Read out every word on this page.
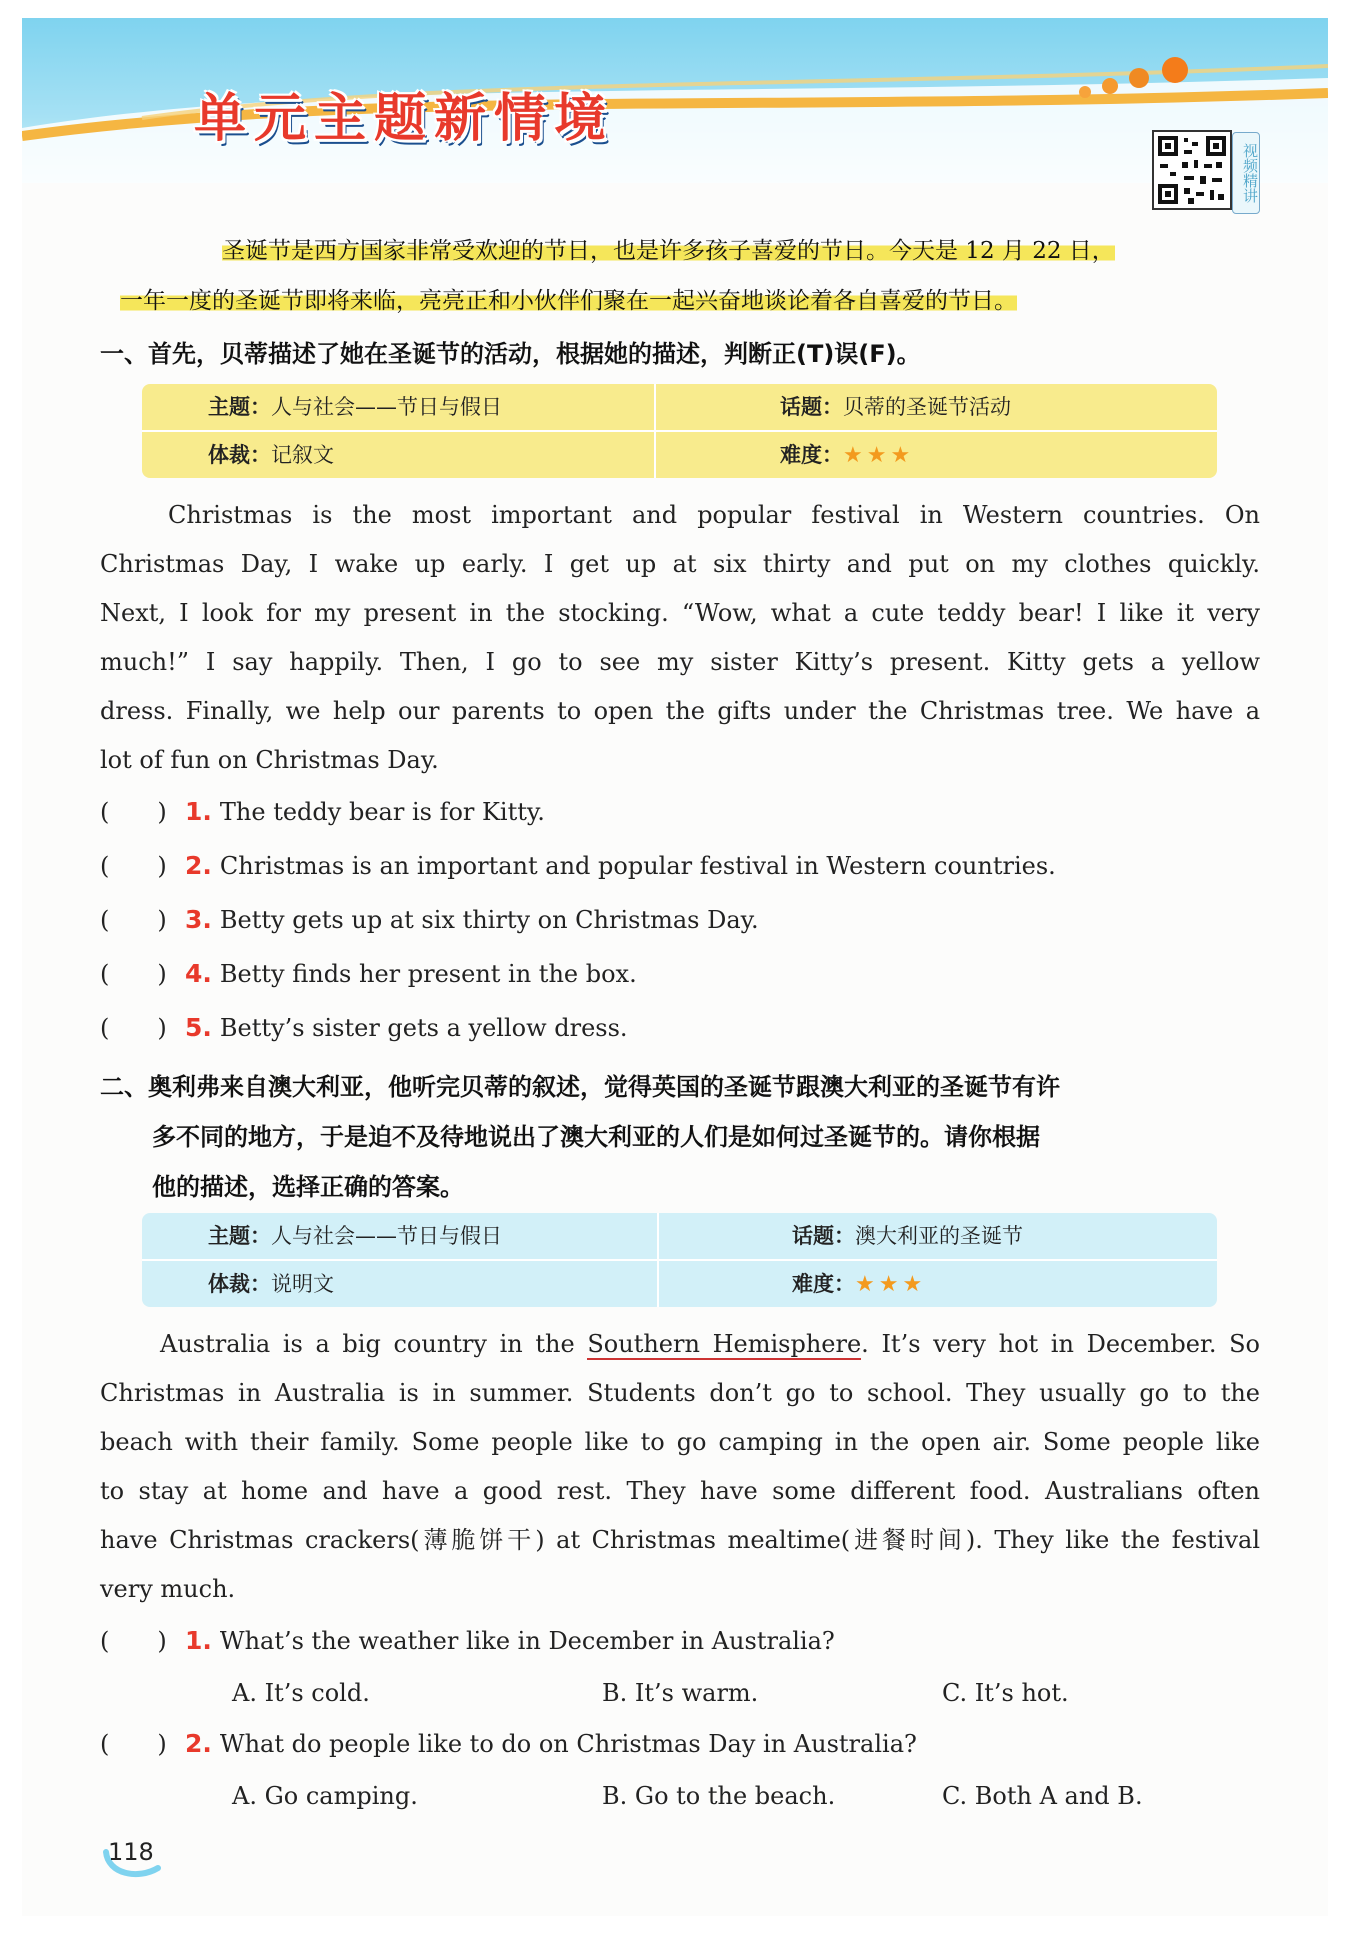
单元主题新情境
视频精讲
圣诞节是西方国家非常受欢迎的节日，也是许多孩子喜爱的节日。今天是 12 月 22 日，
一年一度的圣诞节即将来临，亮亮正和小伙伴们聚在一起兴奋地谈论着各自喜爱的节日。
一、首先，贝蒂描述了她在圣诞节的活动，根据她的描述，判断正(T)误(F)。
主题：人与社会——节日与假日	话题：贝蒂的圣诞节活动
体裁：记叙文	难度：★★★
Christmas is the most important and popular festival in Western countries. On
Christmas Day, I wake up early. I get up at six thirty and put on my clothes quickly.
Next, I look for my present in the stocking. “Wow, what a cute teddy bear! I like it very
much!” I say happily. Then, I go to see my sister Kitty’s present. Kitty gets a yellow
dress. Finally, we help our parents to open the gifts under the Christmas tree. We have a
lot of fun on Christmas Day.
(　　) 1. The teddy bear is for Kitty.
(　　) 2. Christmas is an important and popular festival in Western countries.
(　　) 3. Betty gets up at six thirty on Christmas Day.
(　　) 4. Betty finds her present in the box.
(　　) 5. Betty’s sister gets a yellow dress.
二、奥利弗来自澳大利亚，他听完贝蒂的叙述，觉得英国的圣诞节跟澳大利亚的圣诞节有许
多不同的地方，于是迫不及待地说出了澳大利亚的人们是如何过圣诞节的。请你根据
他的描述，选择正确的答案。
主题：人与社会——节日与假日	话题：澳大利亚的圣诞节
体裁：说明文	难度：★★★
Australia is a big country in the Southern Hemisphere. It’s very hot in December. So
Christmas in Australia is in summer. Students don’t go to school. They usually go to the
beach with their family. Some people like to go camping in the open air. Some people like
to stay at home and have a good rest. They have some different food. Australians often
have Christmas crackers(薄脆饼干) at Christmas mealtime(进餐时间). They like the festival
very much.
(　　) 1. What’s the weather like in December in Australia?
A. It’s cold.	B. It’s warm.	C. It’s hot.
(　　) 2. What do people like to do on Christmas Day in Australia?
A. Go camping.	B. Go to the beach.	C. Both A and B.
118
